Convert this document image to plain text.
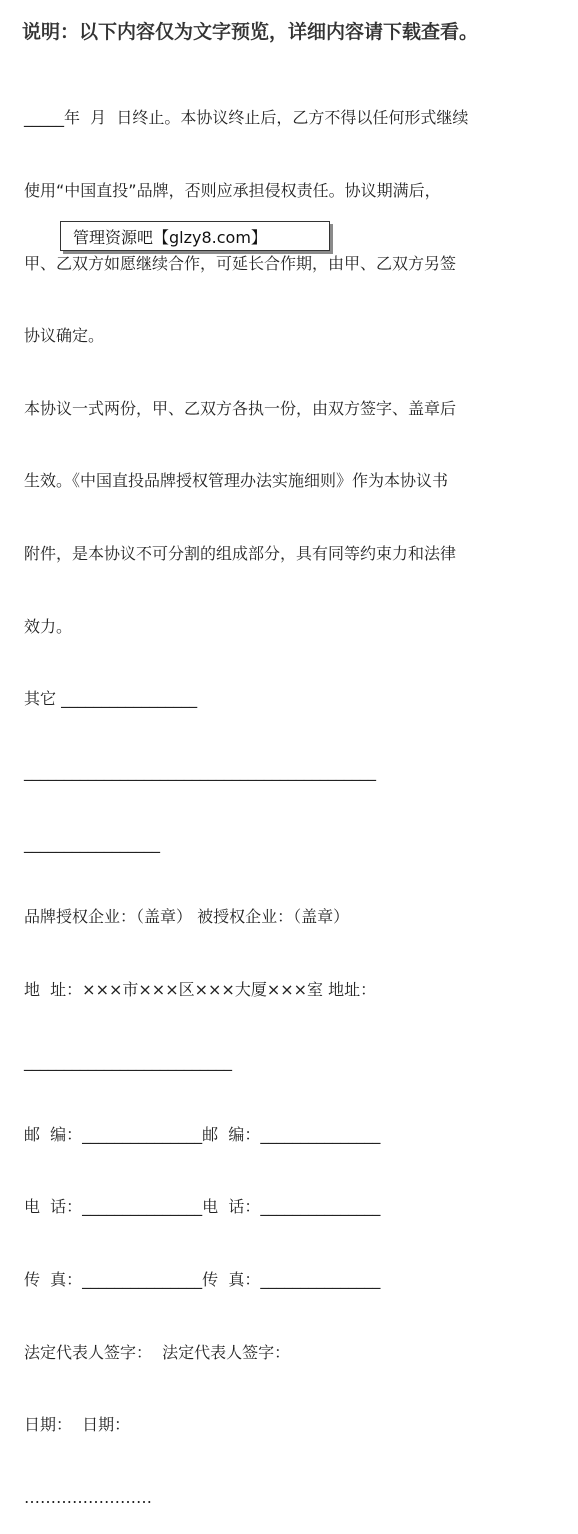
说明：以下内容仅为文字预览，详细内容请下载查看。

_____年  月  日终止。本协议终止后，乙方不得以任何形式继续

使用“中国直投”品牌，否则应承担侵权责任。协议期满后，

甲、乙双方如愿继续合作，可延长合作期，由甲、乙双方另签

协议确定。

本协议一式两份，甲、乙双方各执一份，由双方签字、盖章后

生效。《中国直投品牌授权管理办法实施细则》作为本协议书

附件，是本协议不可分割的组成部分，具有同等约束力和法律

效力。

其它 _________________

____________________________________________

_________________

品牌授权企业：（盖章） 被授权企业：（盖章）

地  址：×××市×××区×××大厦×××室 地址：

__________________________

邮  编：_______________邮  编：_______________

电  话：_______________电  话：_______________

传  真：_______________传  真：_______________

法定代表人签字：  法定代表人签字：

日期：  日期：

……………………

管理资源吧【glzy8.com】
